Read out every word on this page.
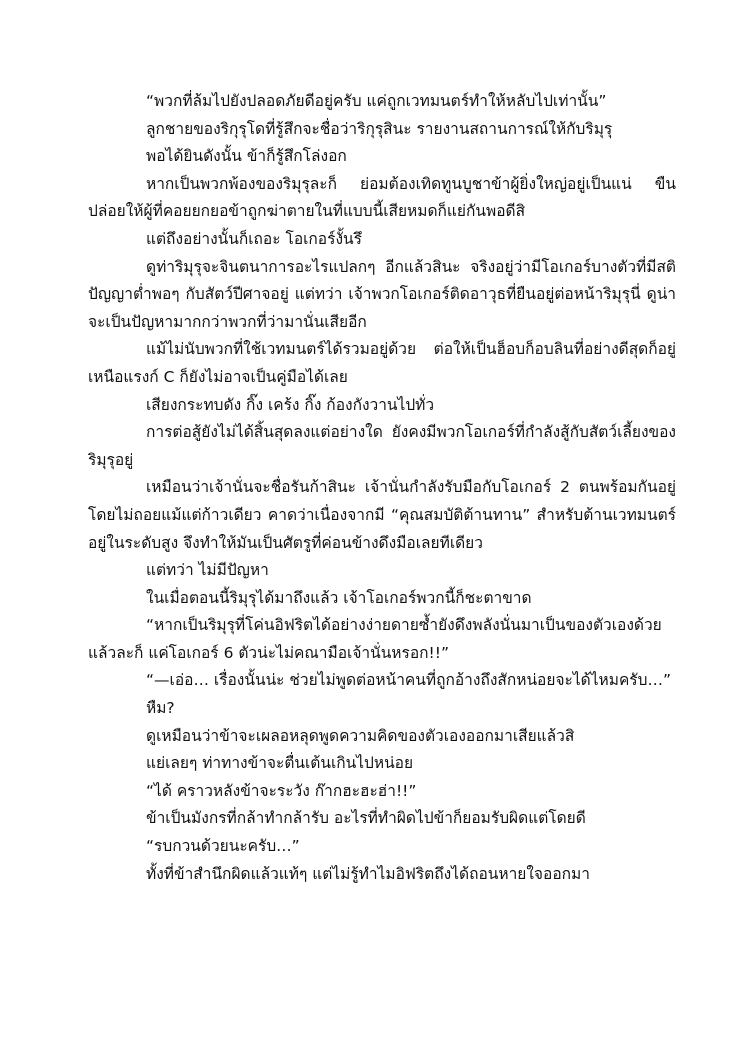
“พวกที่ล้มไปยังปลอดภัยดีอยู่ครับ แค่ถูกเวทมนตร์ทำให้หลับไปเท่านั้น”

ลูกชายของริกุรุโดที่รู้สึกจะชื่อว่าริกุรุสินะ รายงานสถานการณ์ให้กับริมุรุ

พอได้ยินดังนั้น ข้าก็รู้สึกโล่งอก

หากเป็นพวกพ้องของริมุรุละก็ ย่อมต้องเทิดทูนบูชาข้าผู้ยิ่งใหญ่อยู่เป็นแน่ ขืนปล่อยให้ผู้ที่คอยยกยอข้าถูกฆ่าตายในที่แบบนี้เสียหมดก็แย่กันพอดีสิ

แต่ถึงอย่างนั้นก็เถอะ โอเกอร์งั้นรึ

ดูท่าริมุรุจะจินตนาการอะไรแปลกๆ อีกแล้วสินะ จริงอยู่ว่ามีโอเกอร์บางตัวที่มีสติปัญญาต่ำพอๆ กับสัตว์ปีศาจอยู่ แต่ทว่า เจ้าพวกโอเกอร์ติดอาวุธที่ยืนอยู่ต่อหน้าริมุรุนี่ ดูน่าจะเป็นปัญหามากกว่าพวกที่ว่ามานั่นเสียอีก

แม้ไม่นับพวกที่ใช้เวทมนตร์ได้รวมอยู่ด้วย ต่อให้เป็นฮ็อบก็อบลินที่อย่างดีสุดก็อยู่เหนือแรงก์ C ก็ยังไม่อาจเป็นคู่มือได้เลย

เสียงกระทบดัง กิ๊ง เคร้ง กิ๊ง ก้องกังวานไปทั่ว

การต่อสู้ยังไม่ได้สิ้นสุดลงแต่อย่างใด ยังคงมีพวกโอเกอร์ที่กำลังสู้กับสัตว์เลี้ยงของริมุรุอยู่

เหมือนว่าเจ้านั่นจะชื่อรันก้าสินะ เจ้านั่นกำลังรับมือกับโอเกอร์ 2 ตนพร้อมกันอยู่โดยไม่ถอยแม้แต่ก้าวเดียว คาดว่าเนื่องจากมี “คุณสมบัติต้านทาน” สำหรับต้านเวทมนตร์อยู่ในระดับสูง จึงทำให้มันเป็นศัตรูที่ค่อนข้างดึงมือเลยทีเดียว

แต่ทว่า ไม่มีปัญหา

ในเมื่อตอนนี้ริมุรุได้มาถึงแล้ว เจ้าโอเกอร์พวกนี้ก็ชะตาขาด

“หากเป็นริมุรุที่โค่นอิฟริตได้อย่างง่ายดายซ้ำยังดึงพลังนั่นมาเป็นของตัวเองด้วยแล้วละก็ แค่โอเกอร์ 6 ตัวน่ะไม่คณามือเจ้านั่นหรอก!!”

“—เอ่อ… เรื่องนั้นน่ะ ช่วยไม่พูดต่อหน้าคนที่ถูกอ้างถึงสักหน่อยจะได้ไหมครับ…”

หืม?

ดูเหมือนว่าข้าจะเผลอหลุดพูดความคิดของตัวเองออกมาเสียแล้วสิ

แย่เลยๆ ท่าทางข้าจะตื่นเต้นเกินไปหน่อย

“ได้ คราวหลังข้าจะระวัง ก๊ากฮะฮะฮ่า!!”

ข้าเป็นมังกรที่กล้าทำกล้ารับ อะไรที่ทำผิดไปข้าก็ยอมรับผิดแต่โดยดี

“รบกวนด้วยนะครับ…”

ทั้งที่ข้าสำนึกผิดแล้วแท้ๆ แต่ไม่รู้ทำไมอิฟริตถึงได้ถอนหายใจออกมา
